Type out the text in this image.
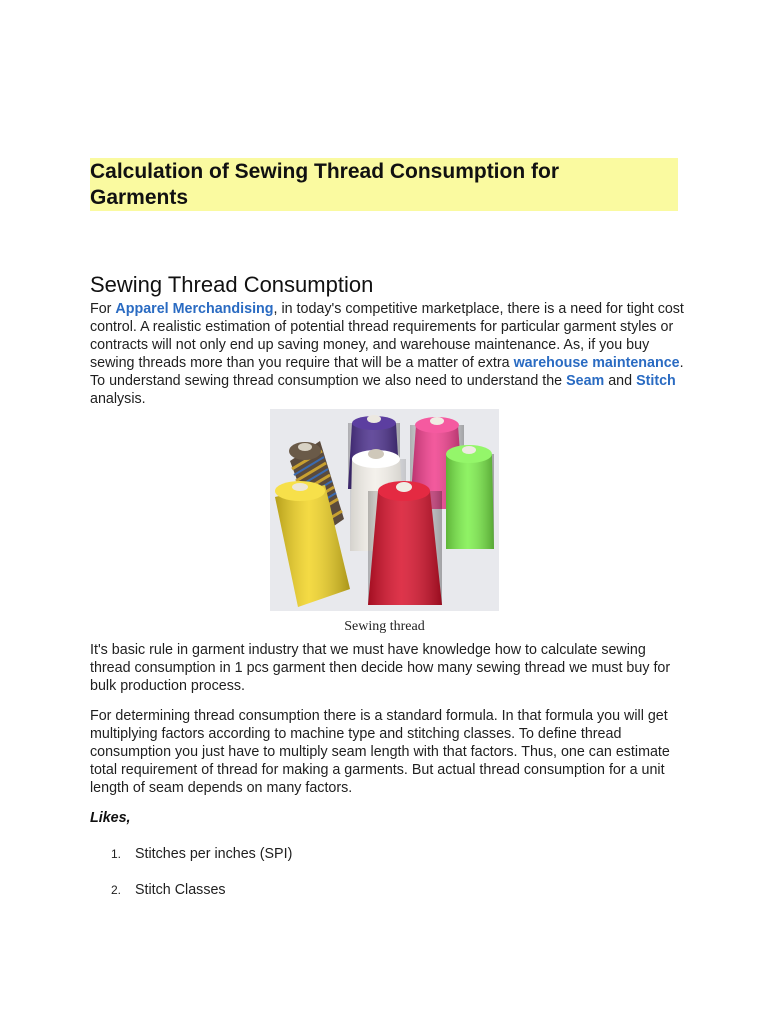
Calculation of Sewing Thread Consumption for Garments
Sewing Thread Consumption
For Apparel Merchandising, in today's competitive marketplace, there is a need for tight cost control. A realistic estimation of potential thread requirements for particular garment styles or contracts will not only end up saving money, and warehouse maintenance. As, if you buy sewing threads more than you require that will be a matter of extra warehouse maintenance. To understand sewing thread consumption we also need to understand the Seam and Stitch analysis.
Sewing thread
It's basic rule in garment industry that we must have knowledge how to calculate sewing thread consumption in 1 pcs garment then decide how many sewing thread we must buy for bulk production process.
For determining thread consumption there is a standard formula. In that formula you will get multiplying factors according to machine type and stitching classes. To define thread consumption you just have to multiply seam length with that factors. Thus, one can estimate total requirement of thread for making a garments. But actual thread consumption for a unit length of seam depends on many factors.
Likes,
1. Stitches per inches (SPI)
2. Stitch Classes
